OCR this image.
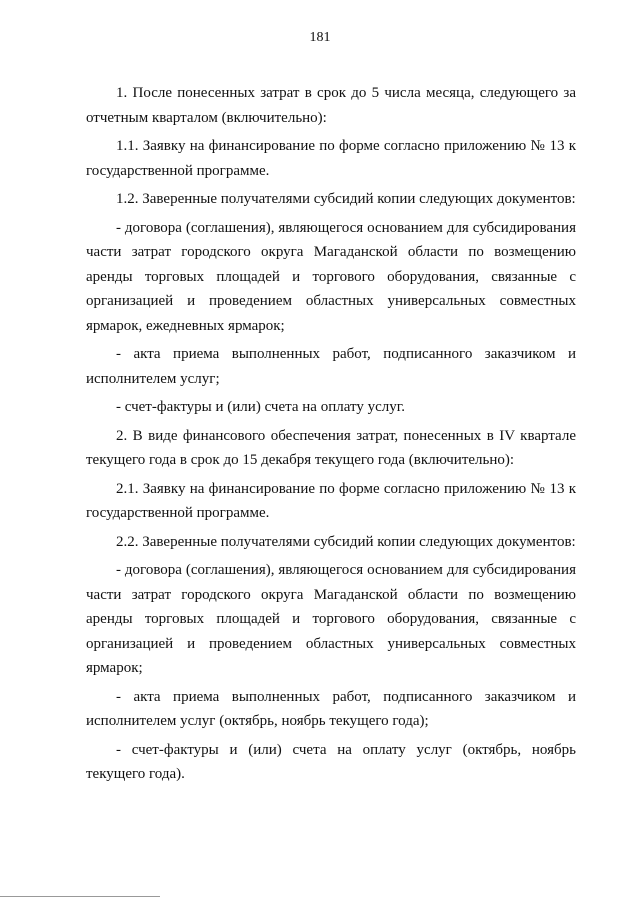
181

1. После понесенных затрат в срок до 5 числа месяца, следующего за отчетным кварталом (включительно):

1.1. Заявку на финансирование по форме согласно приложению № 13 к государственной программе.

1.2. Заверенные получателями субсидий копии следующих документов:

- договора (соглашения), являющегося основанием для субсидирования части затрат городского округа Магаданской области по возмещению аренды торговых площадей и торгового оборудования, связанные с организацией и проведением областных универсальных совместных ярмарок, ежедневных ярмарок;

- акта приема выполненных работ, подписанного заказчиком и исполнителем услуг;

- счет-фактуры и (или) счета на оплату услуг.

2. В виде финансового обеспечения затрат, понесенных в IV квартале текущего года в срок до 15 декабря текущего года (включительно):

2.1. Заявку на финансирование по форме согласно приложению № 13 к государственной программе.

2.2. Заверенные получателями субсидий копии следующих документов:

- договора (соглашения), являющегося основанием для субсидирования части затрат городского округа Магаданской области по возмещению аренды торговых площадей и торгового оборудования, связанные с организацией и проведением областных универсальных совместных ярмарок;

- акта приема выполненных работ, подписанного заказчиком и исполнителем услуг (октябрь, ноябрь текущего года);

- счет-фактуры и (или) счета на оплату услуг (октябрь, ноябрь текущего года).
